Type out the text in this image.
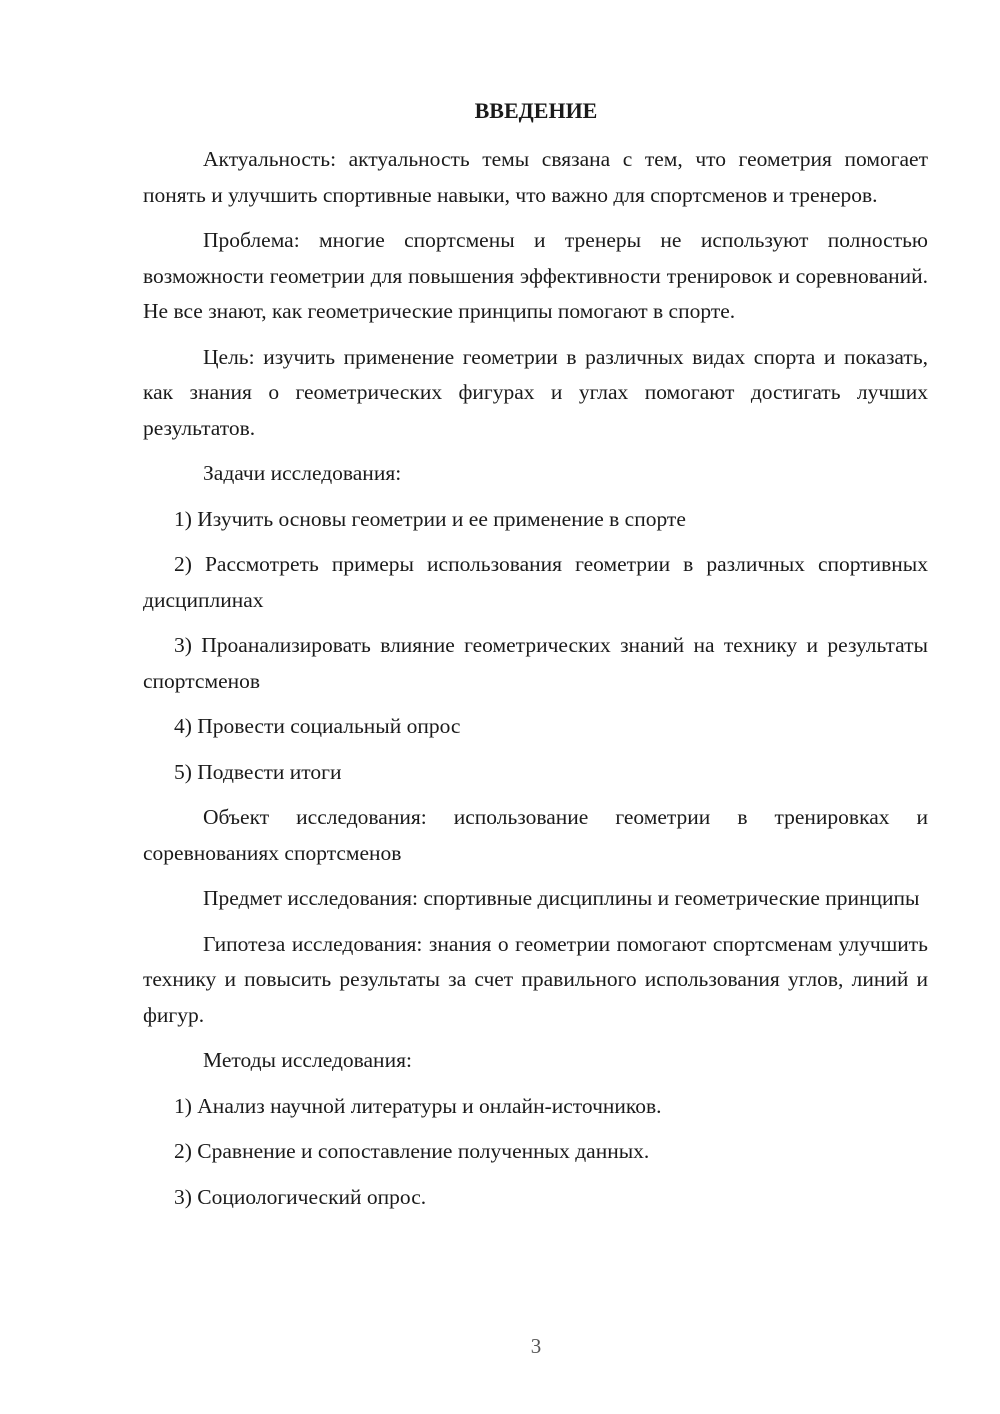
ВВЕДЕНИЕ

Актуальность: актуальность темы связана с тем, что геометрия помогает понять и улучшить спортивные навыки, что важно для спортсменов и тренеров.

Проблема: многие спортсмены и тренеры не используют полностью возможности геометрии для повышения эффективности тренировок и соревнований. Не все знают, как геометрические принципы помогают в спорте.

Цель: изучить применение геометрии в различных видах спорта и показать, как знания о геометрических фигурах и углах помогают достигать лучших результатов.

Задачи исследования:

1) Изучить основы геометрии и ее применение в спорте

2) Рассмотреть примеры использования геометрии в различных спортивных дисциплинах

3) Проанализировать влияние геометрических знаний на технику и результаты спортсменов

4) Провести социальный опрос

5) Подвести итоги

Объект исследования: использование геометрии в тренировках и соревнованиях спортсменов

Предмет исследования: спортивные дисциплины и геометрические принципы

Гипотеза исследования: знания о геометрии помогают спортсменам улучшить технику и повысить результаты за счет правильного использования углов, линий и фигур.

Методы исследования:

1) Анализ научной литературы и онлайн-источников.

2) Сравнение и сопоставление полученных данных.

3) Социологический опрос.

3
